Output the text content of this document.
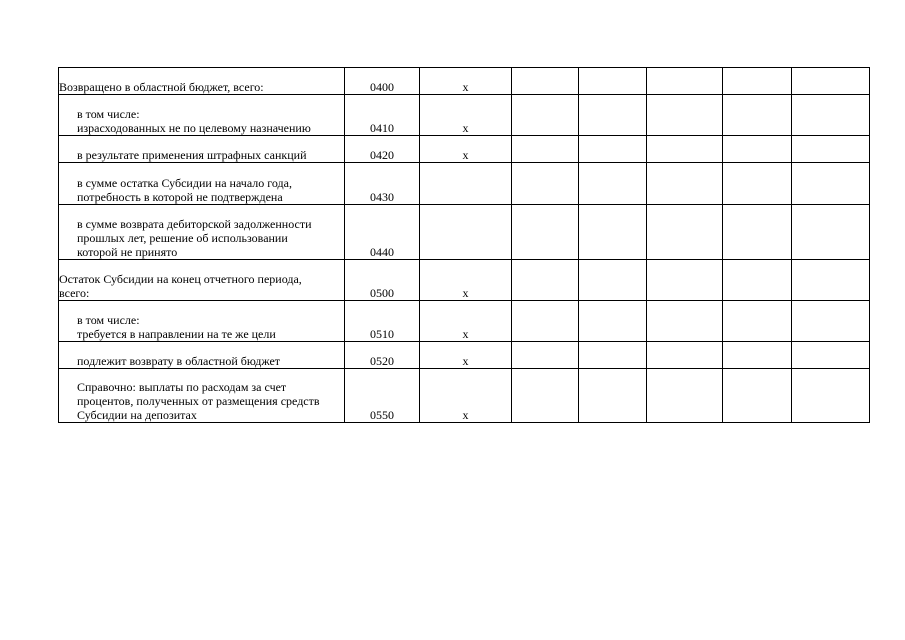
Возвращено в областной бюджет, всего:	0400	x					

в том числе:
израсходованных не по целевому назначению	0410	x					

в результате применения штрафных санкций	0420	x					

в сумме остатка Субсидии на начало года,
потребность в которой не подтверждена	0430						

в сумме возврата дебиторской задолженности
прошлых лет, решение об использовании
которой не принято	0440						

Остаток Субсидии на конец отчетного периода,
всего:	0500	x					

в том числе:
требуется в направлении на те же цели	0510	x					

подлежит возврату в областной бюджет	0520	x					

Справочно: выплаты по расходам за счет
процентов, полученных от размещения средств
Субсидии на депозитах	0550	x					
